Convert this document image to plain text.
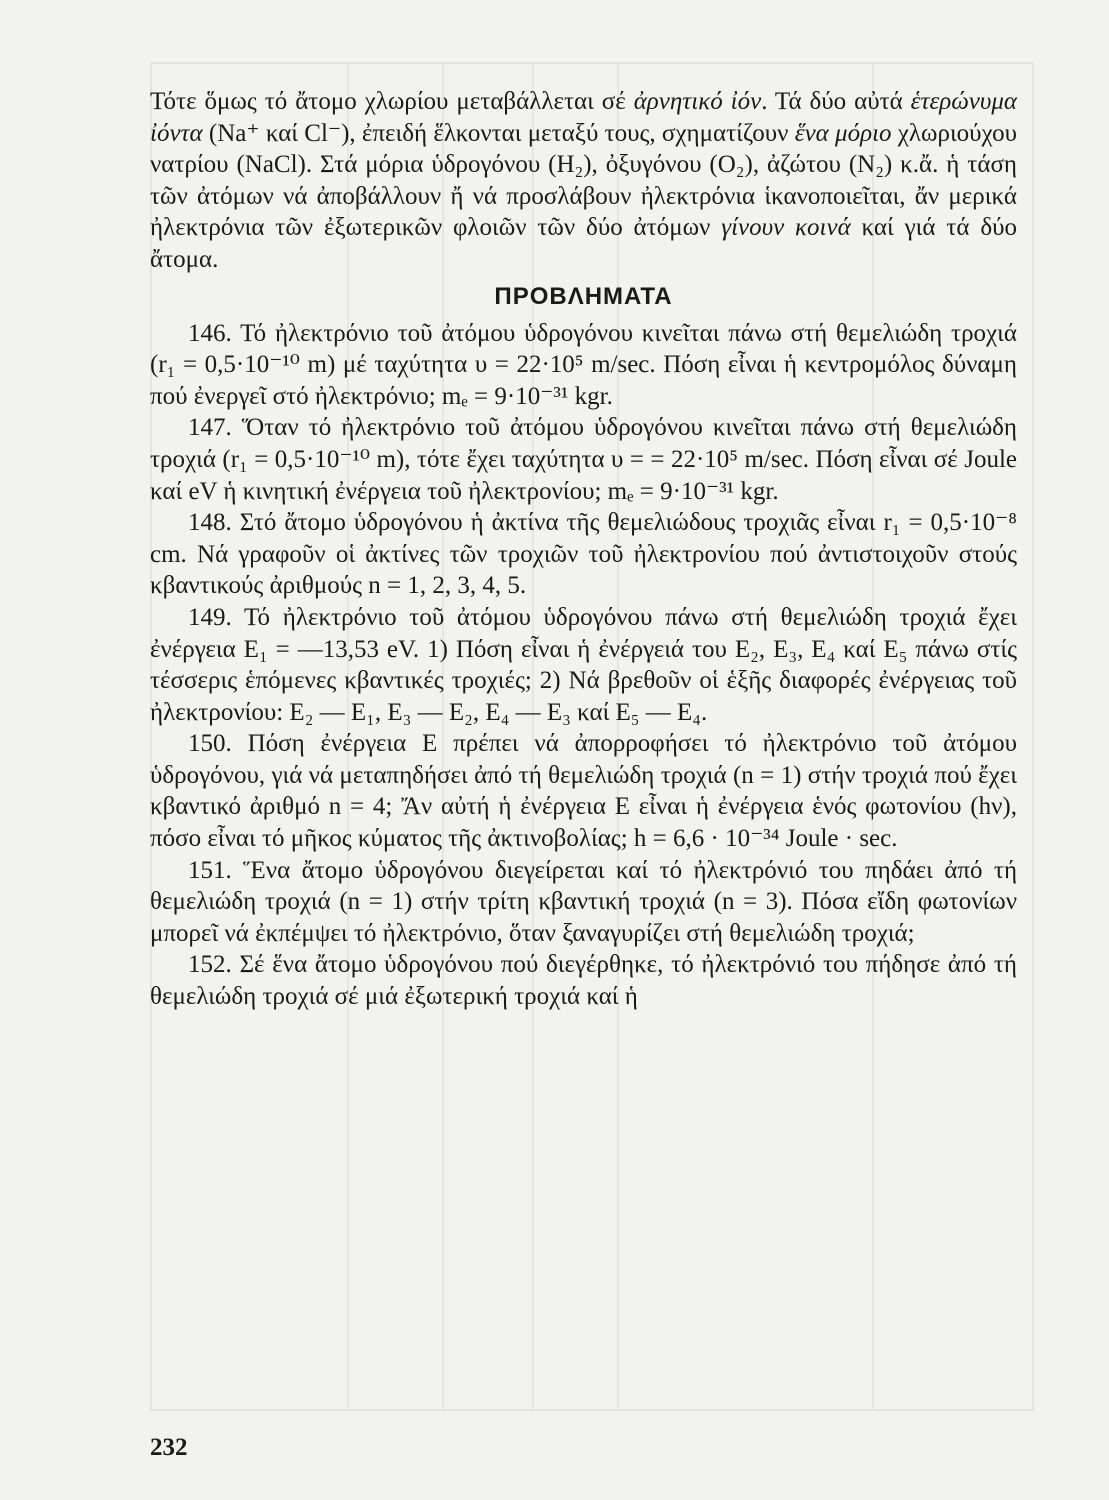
Τότε ὅμως τό ἄτομο χλωρίου μεταβάλλεται σέ ἀρνητικό ἰόν. Τά δύο αὐτά ἑτερώνυμα ἰόντα (Na⁺ καί Cl⁻), ἐπειδή ἕλκονται μεταξύ τους, σχηματίζουν ἕνα μόριο χλωριούχου νατρίου (NaCl). Στά μόρια ὑδρογόνου (H₂), ὀξυγόνου (O₂), ἀζώτου (N₂) κ.ἄ. ἡ τάση τῶν ἀτόμων νά ἀποβάλλουν ἤ νά προσλάβουν ἠλεκτρόνια ἱκανοποιεῖται, ἄν μερικά ἠλεκτρόνια τῶν ἐξωτερικῶν φλοιῶν τῶν δύο ἀτόμων γίνουν κοινά καί γιά τά δύο ἄτομα.

ΠΡΟΒΛΗΜΑΤΑ

146. Τό ἠλεκτρόνιο τοῦ ἀτόμου ὑδρογόνου κινεῖται πάνω στή θεμελιώδη τροχιά (r₁ = 0,5·10⁻¹⁰ m) μέ ταχύτητα υ = 22·10⁵ m/sec. Πόση εἶναι ἡ κεντρομόλος δύναμη πού ἐνεργεῖ στό ἠλεκτρόνιο; mₑ = 9·10⁻³¹ kgr.

147. Ὅταν τό ἠλεκτρόνιο τοῦ ἀτόμου ὑδρογόνου κινεῖται πάνω στή θεμελιώδη τροχιά (r₁ = 0,5·10⁻¹⁰ m), τότε ἔχει ταχύτητα υ = = 22·10⁵ m/sec. Πόση εἶναι σέ Joule καί eV ἡ κινητική ἐνέργεια τοῦ ἠλεκτρονίου; mₑ = 9·10⁻³¹ kgr.

148. Στό ἄτομο ὑδρογόνου ἡ ἀκτίνα τῆς θεμελιώδους τροχιᾶς εἶναι r₁ = 0,5·10⁻⁸ cm. Νά γραφοῦν οἱ ἀκτίνες τῶν τροχιῶν τοῦ ἠλεκτρονίου πού ἀντιστοιχοῦν στούς κβαντικούς ἀριθμούς n = 1, 2, 3, 4, 5.

149. Τό ἠλεκτρόνιο τοῦ ἀτόμου ὑδρογόνου πάνω στή θεμελιώδη τροχιά ἔχει ἐνέργεια E₁ = —13,53 eV. 1) Πόση εἶναι ἡ ἐνέργειά του E₂, E₃, E₄ καί E₅ πάνω στίς τέσσερις ἑπόμενες κβαντικές τροχιές; 2) Νά βρεθοῦν οἱ ἑξῆς διαφορές ἐνέργειας τοῦ ἠλεκτρονίου: E₂ — E₁, E₃ — E₂, E₄ — E₃ καί E₅ — E₄.

150. Πόση ἐνέργεια E πρέπει νά ἀπορροφήσει τό ἠλεκτρόνιο τοῦ ἀτόμου ὑδρογόνου, γιά νά μεταπηδήσει ἀπό τή θεμελιώδη τροχιά (n = 1) στήν τροχιά πού ἔχει κβαντικό ἀριθμό n = 4; Ἄν αὐτή ἡ ἐνέργεια E εἶναι ἡ ἐνέργεια ἑνός φωτονίου (hν), πόσο εἶναι τό μῆκος κύματος τῆς ἀκτινοβολίας; h = 6,6 · 10⁻³⁴ Joule · sec.

151. Ἕνα ἄτομο ὑδρογόνου διεγείρεται καί τό ἠλεκτρόνιό του πηδάει ἀπό τή θεμελιώδη τροχιά (n = 1) στήν τρίτη κβαντική τροχιά (n = 3). Πόσα εἴδη φωτονίων μπορεῖ νά ἐκπέμψει τό ἠλεκτρόνιο, ὅταν ξαναγυρίζει στή θεμελιώδη τροχιά;

152. Σέ ἕνα ἄτομο ὑδρογόνου πού διεγέρθηκε, τό ἠλεκτρόνιό του πήδησε ἀπό τή θεμελιώδη τροχιά σέ μιά ἐξωτερική τροχιά καί ἡ

232
